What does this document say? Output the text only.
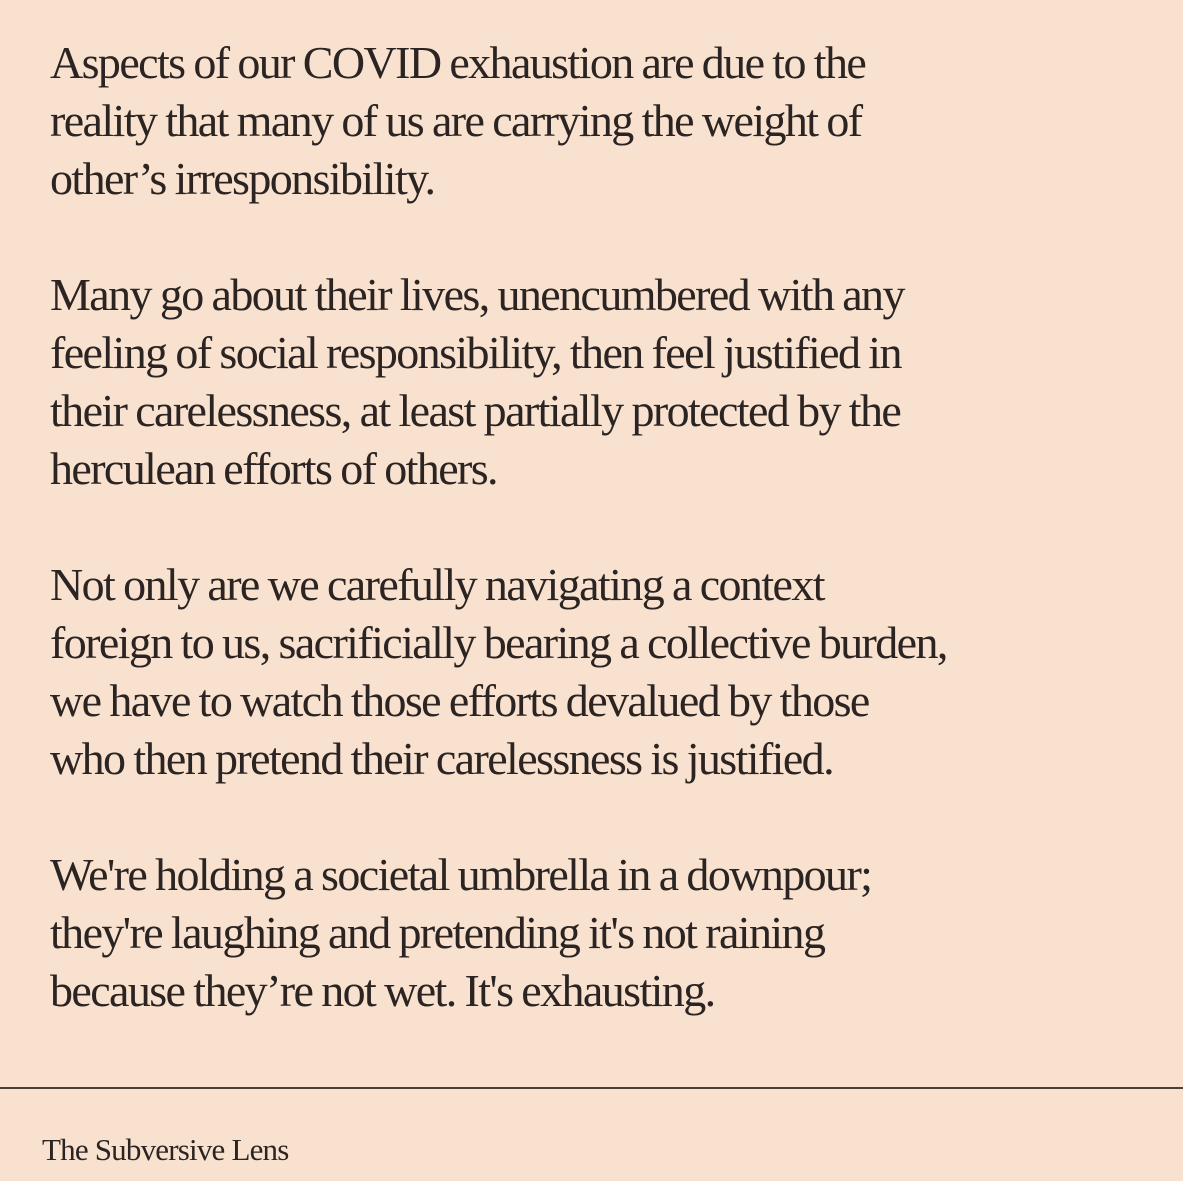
Aspects of our COVID exhaustion are due to the
reality that many of us are carrying the weight of
other’s irresponsibility.

Many go about their lives, unencumbered with any
feeling of social responsibility, then feel justified in
their carelessness, at least partially protected by the
herculean efforts of others.

Not only are we carefully navigating a context
foreign to us, sacrificially bearing a collective burden,
we have to watch those efforts devalued by those
who then pretend their carelessness is justified.

We're holding a societal umbrella in a downpour;
they're laughing and pretending it's not raining
because they’re not wet. It's exhausting.

The Subversive Lens
